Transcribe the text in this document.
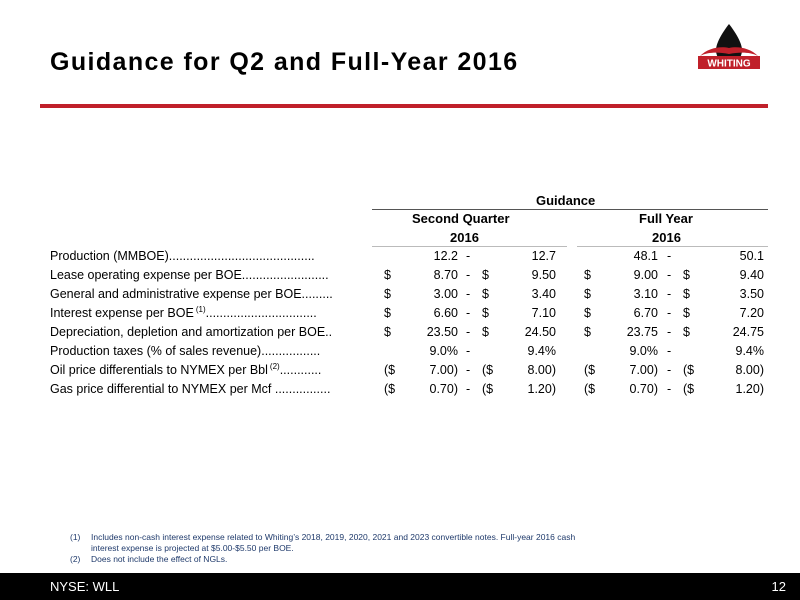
Guidance for Q2 and Full-Year 2016	WHITING
Guidance
Second Quarter
2016
Full Year
2016
Production (MMBOE)..........................................	12.2 -	12.7	48.1 -	50.1
Lease operating expense per BOE.........................	$	8.70 - $	9.50 $	9.00 - $	9.40
General and administrative expense per BOE.........	$	3.00 - $	3.40 $	3.10 - $	3.50
Interest expense per BOE $^{(1)}$................................	$	6.60 - $	7.10 $	6.70 - $	7.20
Depreciation, depletion and amortization per BOE..	$	23.50 - $	24.50 $	23.75 - $	24.75
Production taxes (% of sales revenue).................	9.0% -	9.4%	9.0% -	9.4%
Oil price differentials to NYMEX per Bbl $^{(2)}$............	($	7.00) - ($	8.00) ($	7.00) - ($	8.00)
Gas price differential to NYMEX per Mcf ................	($	0.70) - ($	1.20) ($	0.70) - ($	1.20)
(1) Includes non-cash interest expense related to Whiting’s 2018, 2019, 2020, 2021 and 2023 convertible notes. Full-year 2016 cash
interest expense is projected at $5.00-$5.50 per BOE.
(2) Does not include the effect of NGLs.
NYSE: WLL	12
